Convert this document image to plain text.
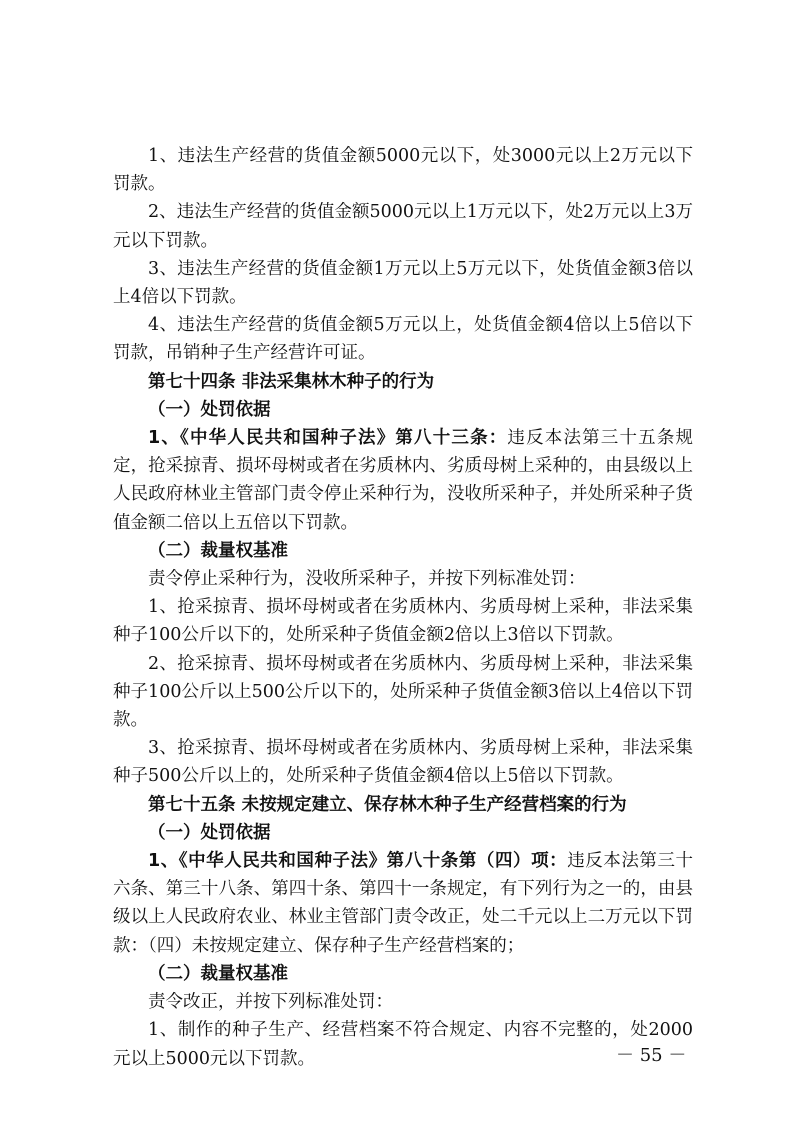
1、违法生产经营的货值金额5000元以下，处3000元以上2万元以下罚款。

2、违法生产经营的货值金额5000元以上1万元以下，处2万元以上3万元以下罚款。

3、违法生产经营的货值金额1万元以上5万元以下，处货值金额3倍以上4倍以下罚款。

4、违法生产经营的货值金额5万元以上，处货值金额4倍以上5倍以下罚款，吊销种子生产经营许可证。

第七十四条 非法采集林木种子的行为

（一）处罚依据

1、《中华人民共和国种子法》第八十三条：违反本法第三十五条规定，抢采掠青、损坏母树或者在劣质林内、劣质母树上采种的，由县级以上人民政府林业主管部门责令停止采种行为，没收所采种子，并处所采种子货值金额二倍以上五倍以下罚款。

（二）裁量权基准

责令停止采种行为，没收所采种子，并按下列标准处罚：

1、抢采掠青、损坏母树或者在劣质林内、劣质母树上采种，非法采集种子100公斤以下的，处所采种子货值金额2倍以上3倍以下罚款。

2、抢采掠青、损坏母树或者在劣质林内、劣质母树上采种，非法采集种子100公斤以上500公斤以下的，处所采种子货值金额3倍以上4倍以下罚款。

3、抢采掠青、损坏母树或者在劣质林内、劣质母树上采种，非法采集种子500公斤以上的，处所采种子货值金额4倍以上5倍以下罚款。

第七十五条 未按规定建立、保存林木种子生产经营档案的行为

（一）处罚依据

1、《中华人民共和国种子法》第八十条第（四）项：违反本法第三十六条、第三十八条、第四十条、第四十一条规定，有下列行为之一的，由县级以上人民政府农业、林业主管部门责令改正，处二千元以上二万元以下罚款：（四）未按规定建立、保存种子生产经营档案的；

（二）裁量权基准

责令改正，并按下列标准处罚：

1、制作的种子生产、经营档案不符合规定、内容不完整的，处2000元以上5000元以下罚款。	－ 55 －
